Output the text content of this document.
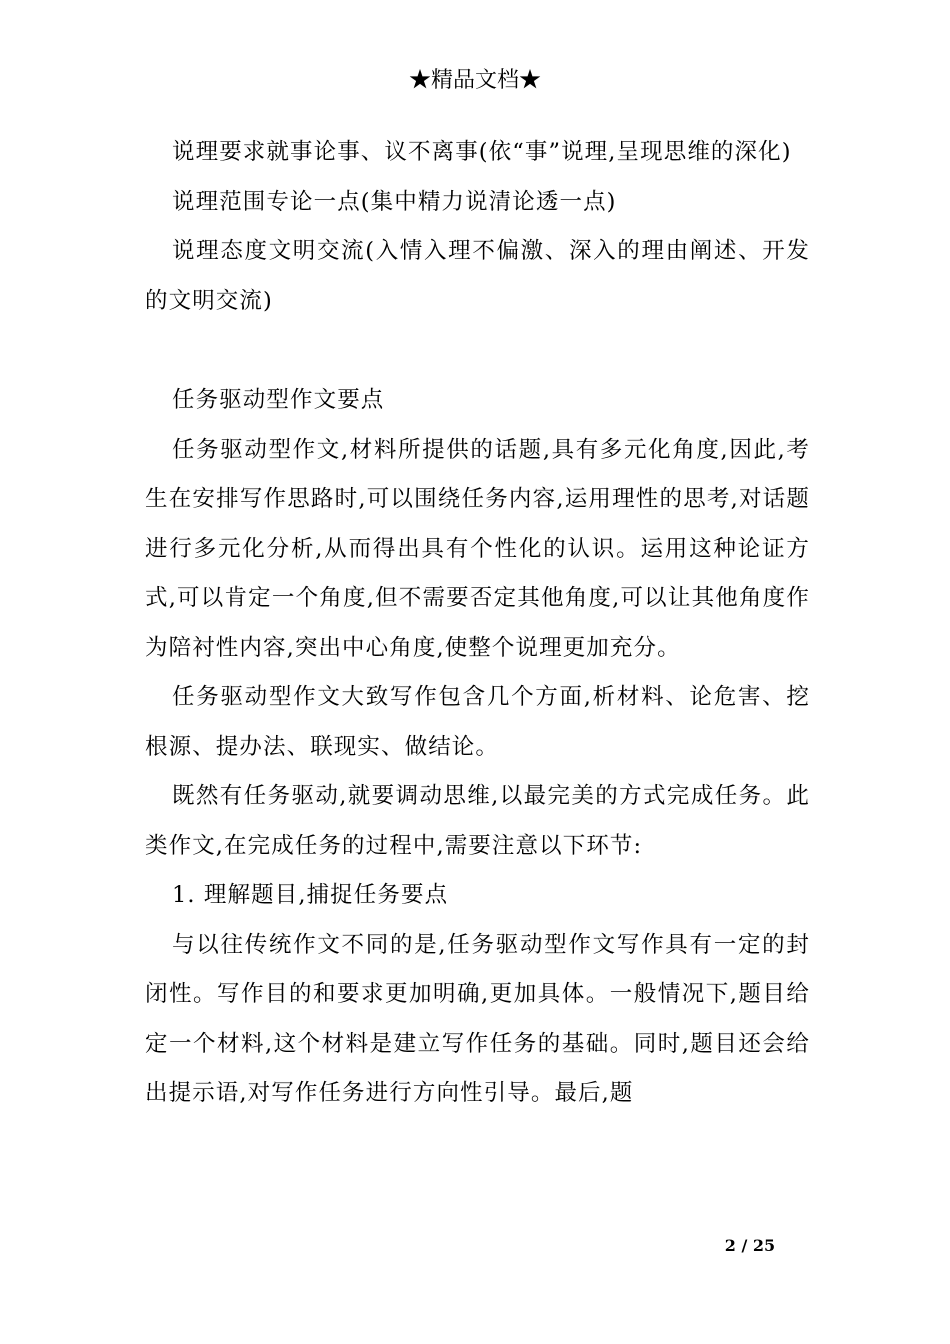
★精品文档★

说理要求就事论事、议不离事(依“事”说理,呈现思维的深化)

说理范围专论一点(集中精力说清论透一点)

说理态度文明交流(入情入理不偏激、深入的理由阐述、开发的文明交流)

任务驱动型作文要点

任务驱动型作文,材料所提供的话题,具有多元化角度,因此,考生在安排写作思路时,可以围绕任务内容,运用理性的思考,对话题进行多元化分析,从而得出具有个性化的认识。运用这种论证方式,可以肯定一个角度,但不需要否定其他角度,可以让其他角度作为陪衬性内容,突出中心角度,使整个说理更加充分。

任务驱动型作文大致写作包含几个方面,析材料、论危害、挖根源、提办法、联现实、做结论。

既然有任务驱动,就要调动思维,以最完美的方式完成任务。此类作文,在完成任务的过程中,需要注意以下环节:

1. 理解题目,捕捉任务要点

与以往传统作文不同的是,任务驱动型作文写作具有一定的封闭性。写作目的和要求更加明确,更加具体。一般情况下,题目给定一个材料,这个材料是建立写作任务的基础。同时,题目还会给出提示语,对写作任务进行方向性引导。最后,题

2 / 25
